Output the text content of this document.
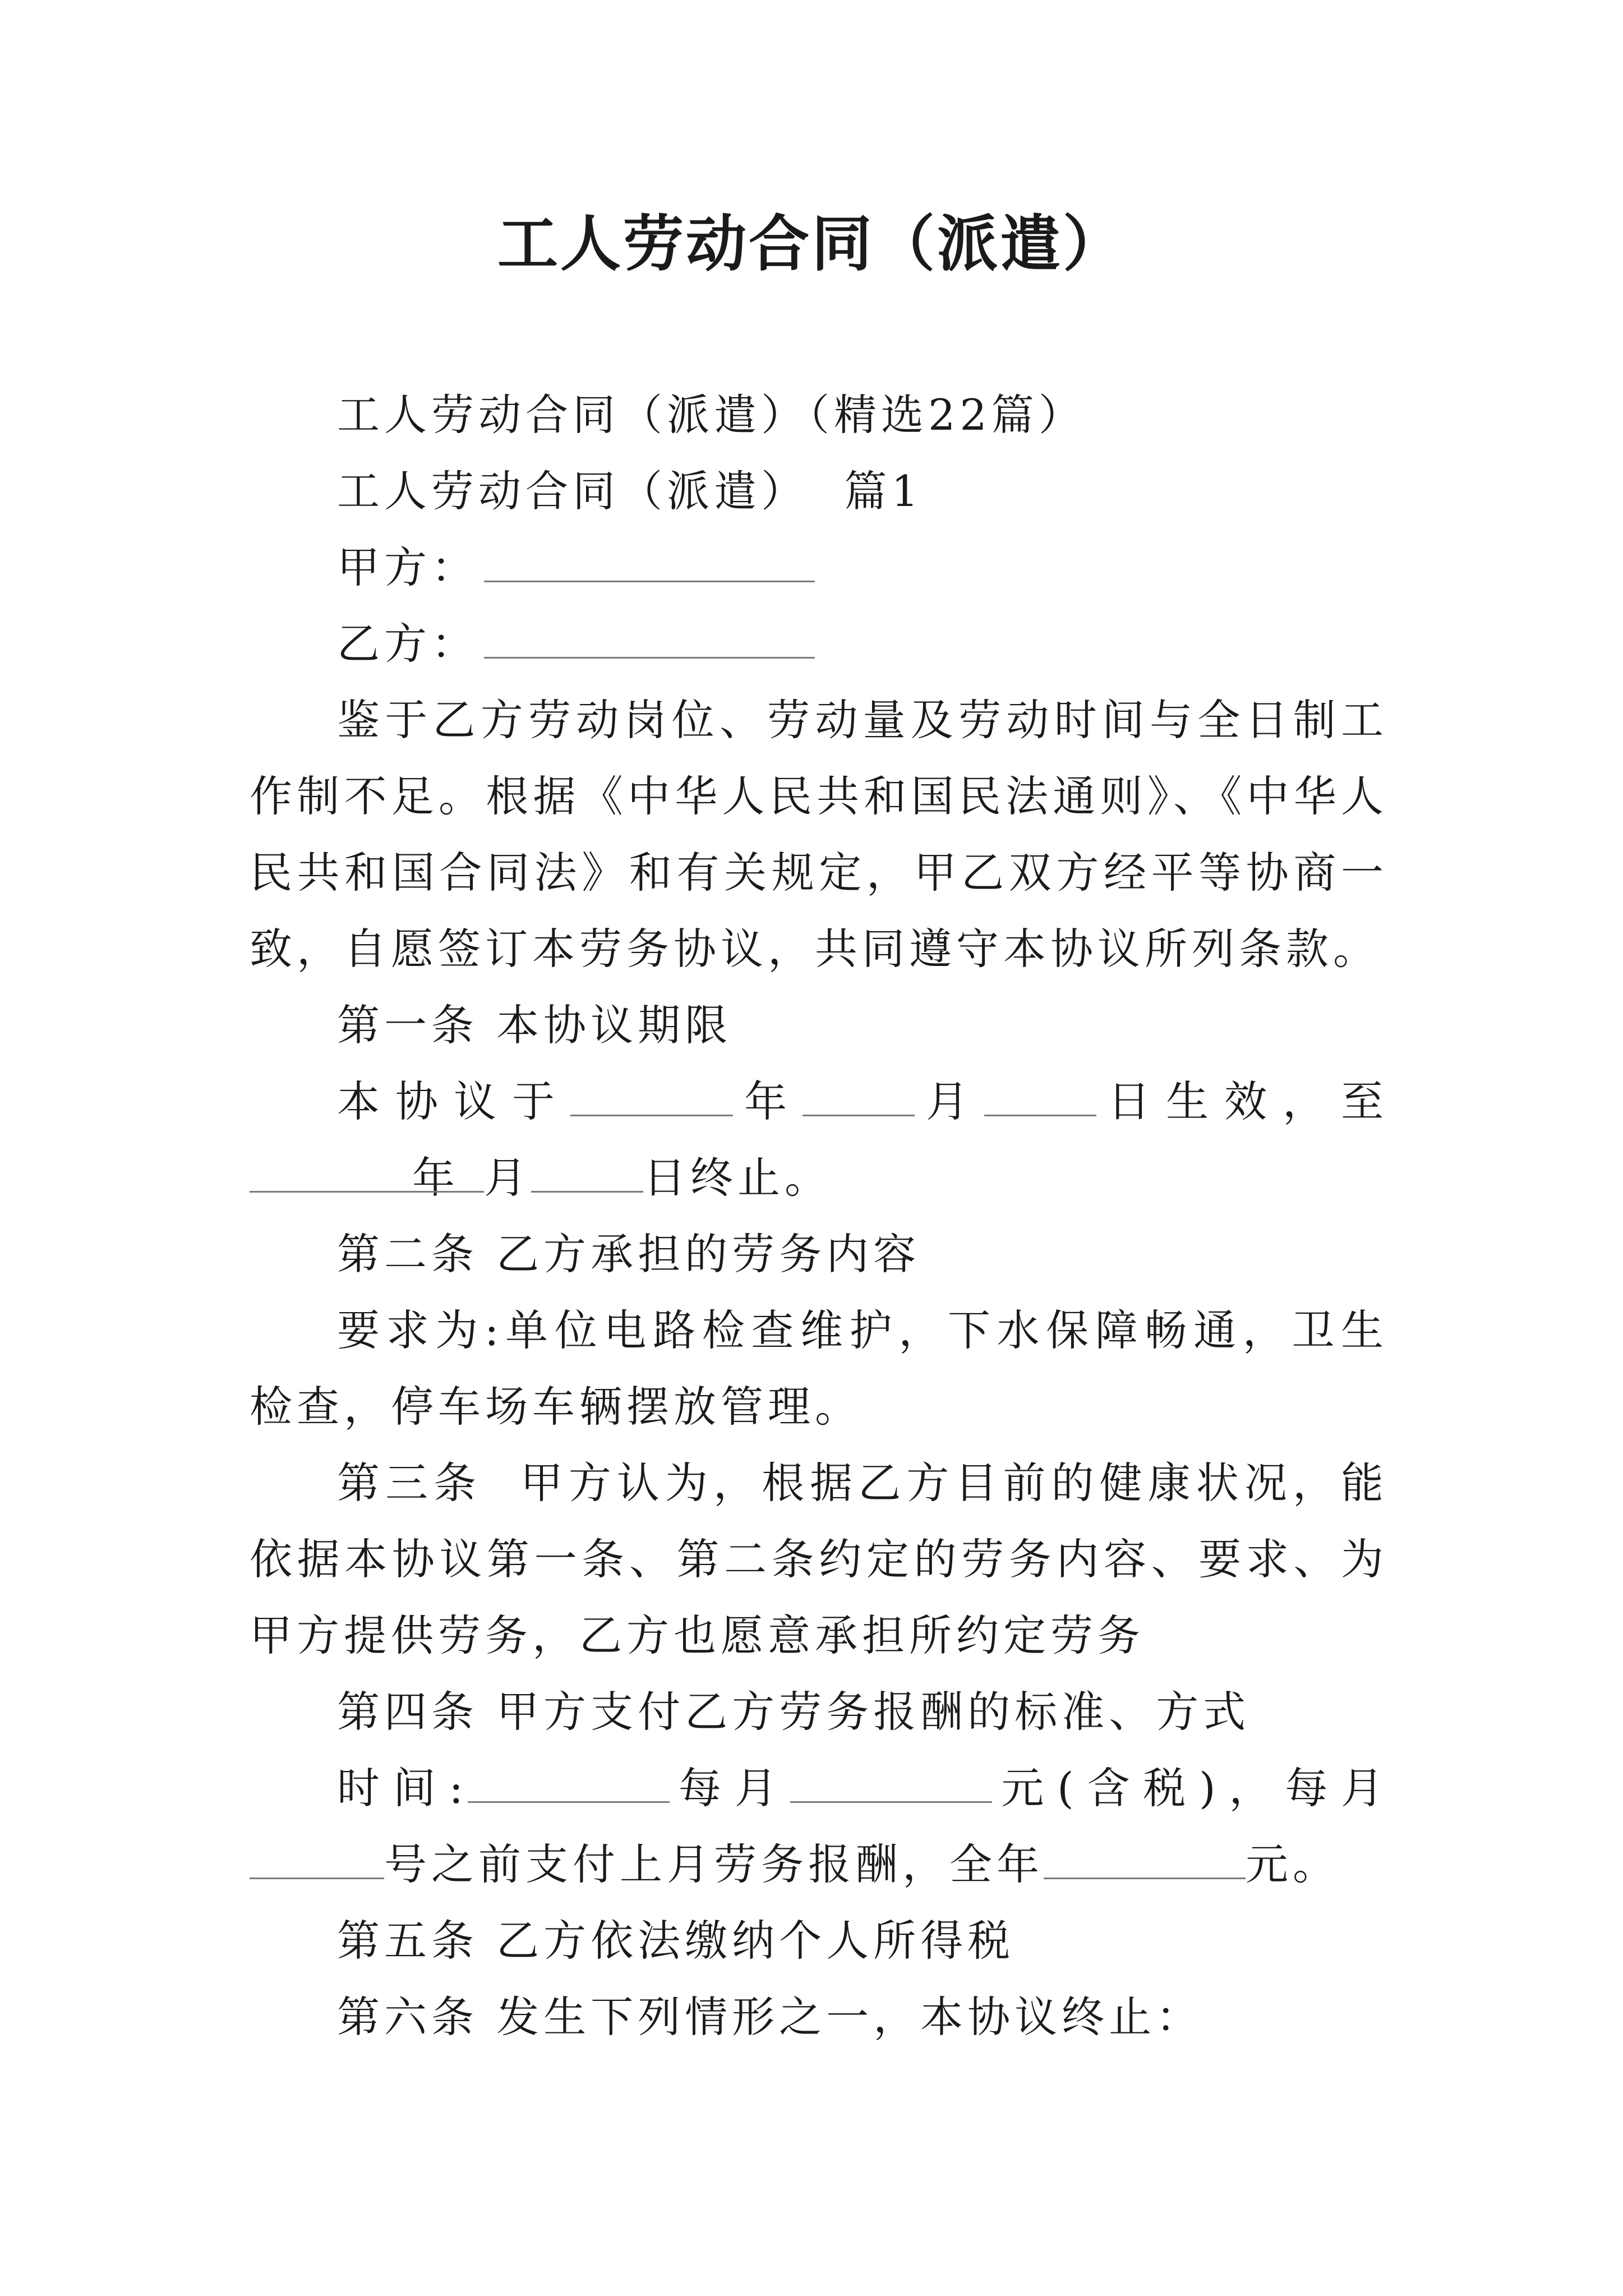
工人劳动合同（派遣）

工人劳动合同（派遣）（精选22篇）

工人劳动合同（派遣）  篇1

甲方：

乙方：

鉴于乙方劳动岗位、劳动量及劳动时间与全日制工作制不足。根据《中华人民共和国民法通则》、《中华人民共和国合同法》和有关规定，甲乙双方经平等协商一致，自愿签订本劳务协议，共同遵守本协议所列条款。

第一条 本协议期限

本协议于	年	月	日生效，至年 月	日终止。

第二条 乙方承担的劳务内容

要求为:单位电路检查维护，下水保障畅通，卫生检查，停车场车辆摆放管理。

第三条  甲方认为，根据乙方目前的健康状况，能依据本协议第一条、第二条约定的劳务内容、要求、为甲方提供劳务，乙方也愿意承担所约定劳务

第四条 甲方支付乙方劳务报酬的标准、方式

时间:	每月	元(含税)，每月号之前支付上月劳务报酬，全年	元。

第五条 乙方依法缴纳个人所得税

第六条 发生下列情形之一，本协议终止：
